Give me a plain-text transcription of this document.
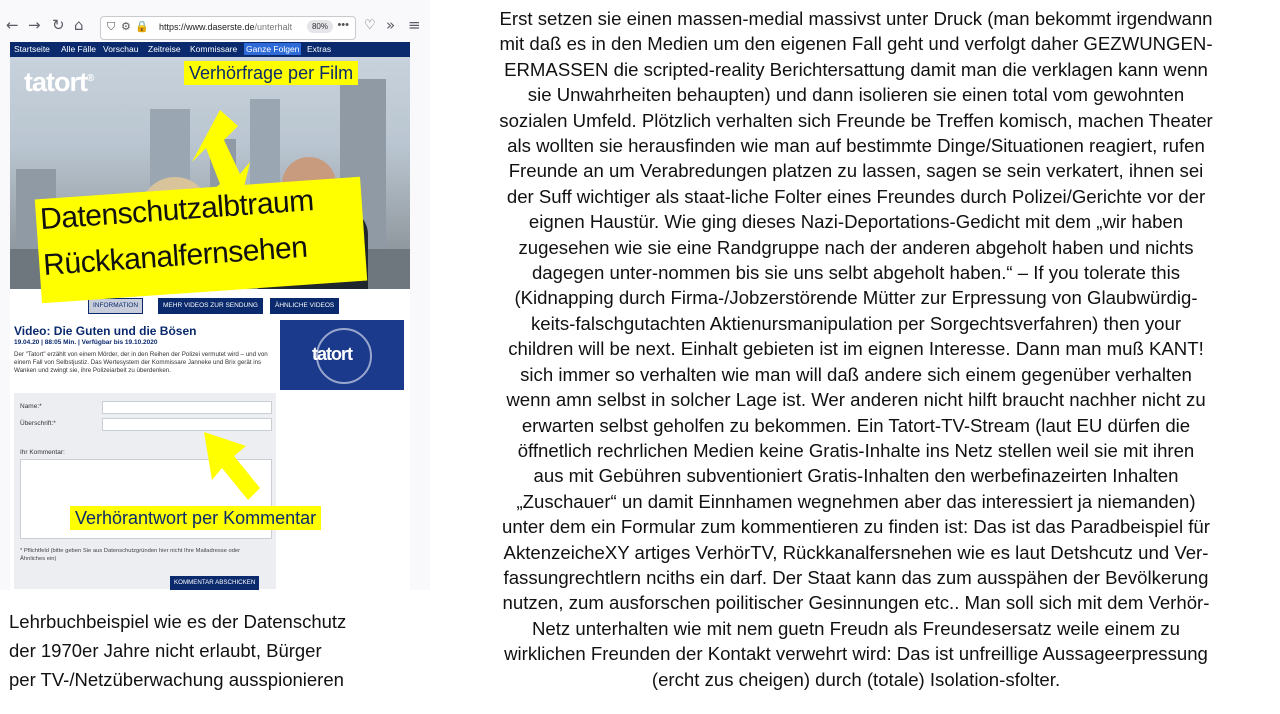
← → ↻ ⌂ ⛉ ⚙ 🔒 https://www.daserste.de/unterhalt	80% ••• ♡ » ≡
Startseite Alle Fälle Vorschau Zeitreise Kommissare Ganze Folgen Extras
tatort®
INFORMATION	MEHR VIDEOS ZUR SENDUNG	ÄHNLICHE VIDEOS
Video: Die Guten und die Bösen
19.04.20 | 88:05 Min. | Verfügbar bis 19.10.2020
Der "Tatort" erzählt von einem Mörder, der in den Reihen der Polizei vermutet wird – und von einem Fall von Selbstjustiz. Das Wertesystem der Kommissare Janneke und Brix gerät ins Wanken und zwingt sie, ihre Polizeiarbeit zu überdenken.
tatort
Name:*
Überschrift:*
Ihr Kommentar:
* Pflichtfeld (bitte geben Sie aus Datenschutzgründen hier nicht Ihre Mailadresse oder Ähnliches ein)
KOMMENTAR ABSCHICKEN
Verhörfrage per Film
Datenschutzalbtraum
Rückkanalfernsehen
Verhörantwort per Kommentar
Lehrbuchbeispiel wie es der Datenschutz
der 1970er Jahre nicht erlaubt, Bürger
per TV-/Netzüberwachung ausspionieren
Erst setzen sie einen massen-medial massivst unter Druck (man bekommt irgendwann
mit daß es in den Medien um den eigenen Fall geht und verfolgt daher GEZWUNGEN-
ERMASSEN die scripted-reality Berichtersattung damit man die verklagen kann wenn
sie Unwahrheiten behaupten) und dann isolieren sie einen total vom gewohnten
sozialen Umfeld. Plötzlich verhalten sich Freunde be Treffen komisch, machen Theater
als wollten sie herausfinden wie man auf bestimmte Dinge/Situationen reagiert, rufen
Freunde an um Verabredungen platzen zu lassen, sagen se sein verkatert, ihnen sei
der Suff wichtiger als staat-liche Folter eines Freundes durch Polizei/Gerichte vor der
eignen Haustür. Wie ging dieses Nazi-Deportations-Gedicht mit dem „wir haben
zugesehen wie sie eine Randgruppe nach der anderen abgeholt haben und nichts
dagegen unter-nommen bis sie uns selbt abgeholt haben.“ – If you tolerate this
(Kidnapping durch Firma-/Jobzerstörende Mütter zur Erpressung von Glaubwürdig-
keits-falschgutachten Aktienursmanipulation per Sorgechtsverfahren) then your
children will be next. Einhalt gebieten ist im eignen Interesse. Dann man muß KANT!
sich immer so verhalten wie man will daß andere sich einem gegenüber verhalten
wenn amn selbst in solcher Lage ist. Wer anderen nicht hilft braucht nachher nicht zu
erwarten selbst geholfen zu bekommen. Ein Tatort-TV-Stream (laut EU dürfen die
öffnetlich rechrlichen Medien keine Gratis-Inhalte ins Netz stellen weil sie mit ihren
aus mit Gebühren subventioniert Gratis-Inhalten den werbefinazeirten Inhalten
„Zuschauer“ un damit Einnhamen wegnehmen aber das interessiert ja niemanden)
unter dem ein Formular zum kommentieren zu finden ist: Das ist das Paradbeispiel für
AktenzeicheXY artiges VerhörTV, Rückkanalfersnehen wie es laut Detshcutz und Ver-
fassungrechtlern nciths ein darf. Der Staat kann das zum ausspähen der Bevölkerung
nutzen, zum ausforschen poilitischer Gesinnungen etc.. Man soll sich mit dem Verhör-
Netz unterhalten wie mit nem guetn Freudn als Freundesersatz weile einem zu
wirklichen Freunden der Kontakt verwehrt wird: Das ist unfreillige Aussageerpressung
(ercht zus cheigen) durch (totale) Isolation-sfolter.
